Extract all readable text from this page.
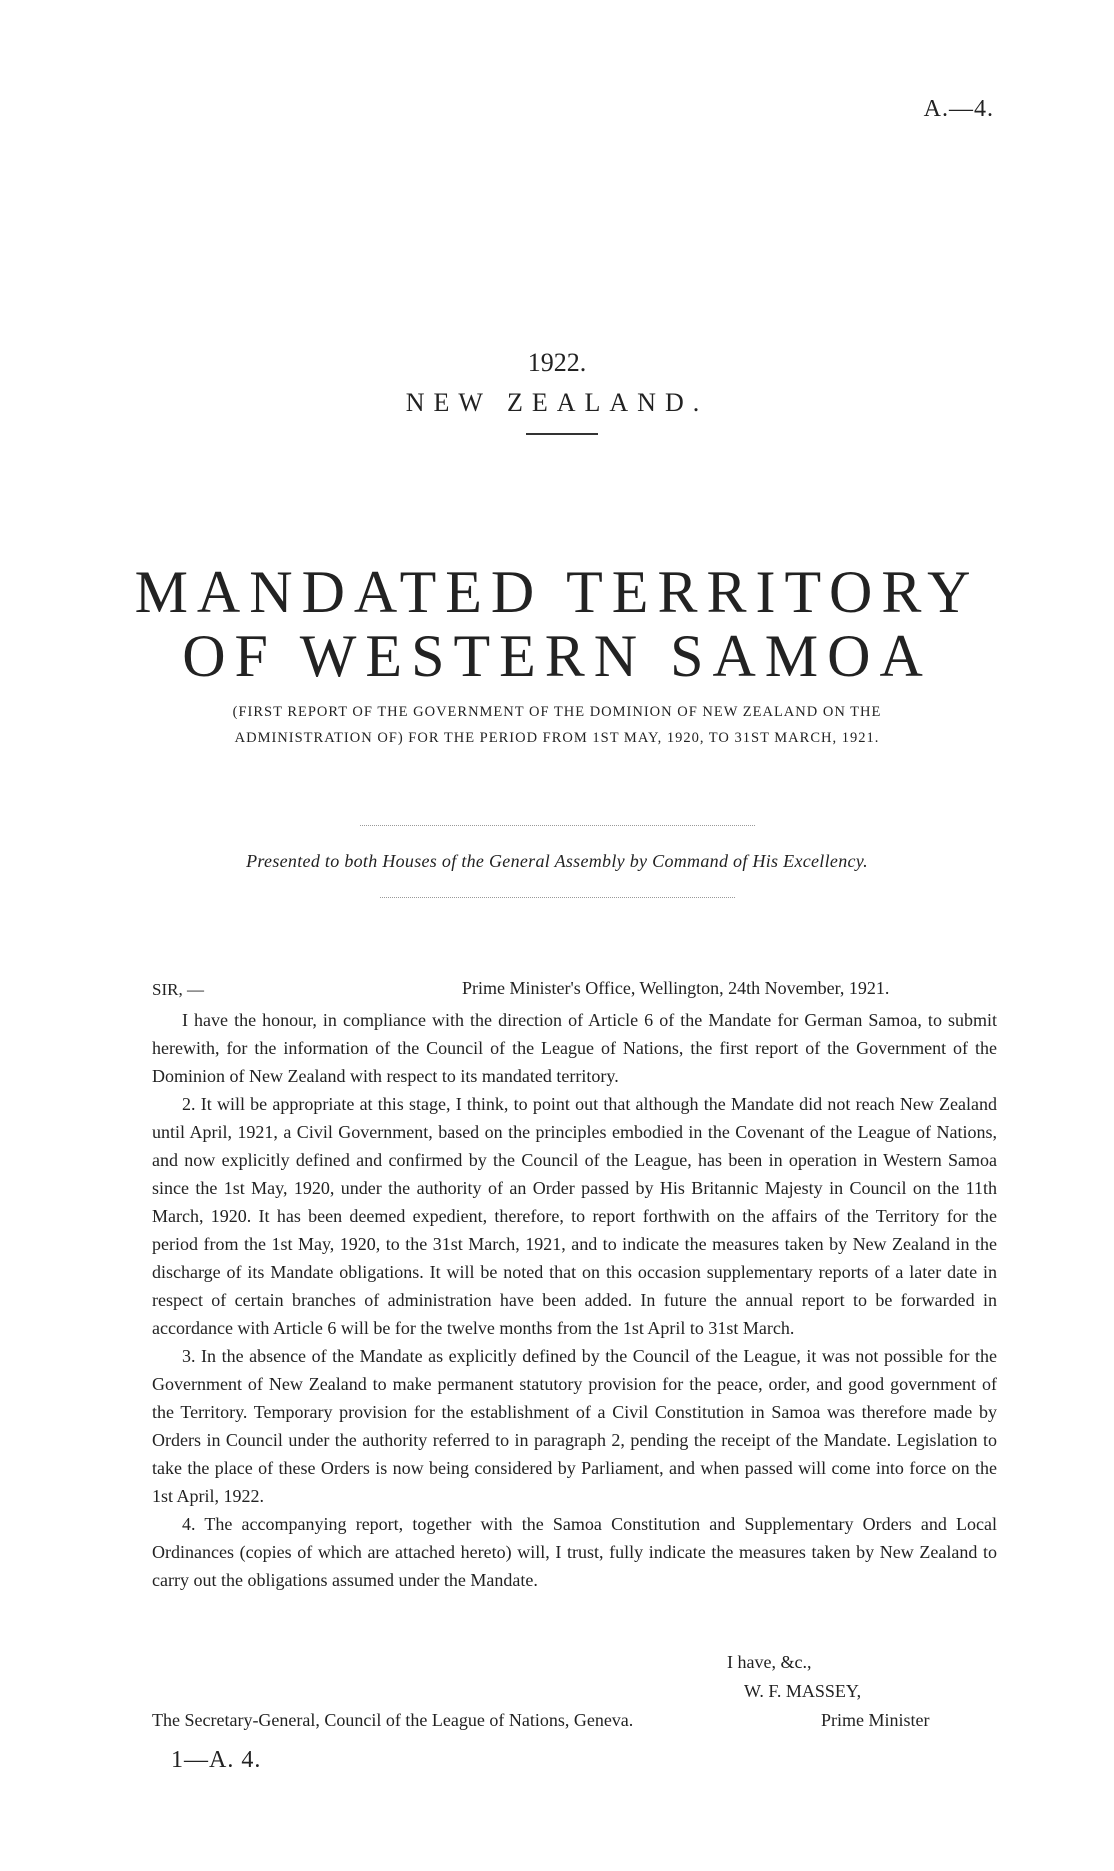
A.—4.
1922.
NEW ZEALAND.
MANDATED TERRITORY
OF WESTERN SAMOA
(FIRST REPORT OF THE GOVERNMENT OF THE DOMINION OF NEW ZEALAND ON THE
ADMINISTRATION OF) FOR THE PERIOD FROM 1ST MAY, 1920, TO 31ST MARCH, 1921.
Presented to both Houses of the General Assembly by Command of His Excellency.
SIR, —	Prime Minister's Office, Wellington, 24th November, 1921.

I have the honour, in compliance with the direction of Article 6 of the Mandate for German Samoa, to submit herewith, for the information of the Council of the League of Nations, the first report of the Government of the Dominion of New Zealand with respect to its mandated territory.

2. It will be appropriate at this stage, I think, to point out that although the Mandate did not reach New Zealand until April, 1921, a Civil Government, based on the principles embodied in the Covenant of the League of Nations, and now explicitly defined and confirmed by the Council of the League, has been in operation in Western Samoa since the 1st May, 1920, under the authority of an Order passed by His Britannic Majesty in Council on the 11th March, 1920. It has been deemed expedient, therefore, to report forthwith on the affairs of the Territory for the period from the 1st May, 1920, to the 31st March, 1921, and to indicate the measures taken by New Zealand in the discharge of its Mandate obligations. It will be noted that on this occasion supplementary reports of a later date in respect of certain branches of administration have been added. In future the annual report to be forwarded in accordance with Article 6 will be for the twelve months from the 1st April to 31st March.

3. In the absence of the Mandate as explicitly defined by the Council of the League, it was not possible for the Government of New Zealand to make permanent statutory provision for the peace, order, and good government of the Territory. Temporary provision for the establishment of a Civil Constitution in Samoa was therefore made by Orders in Council under the authority referred to in paragraph 2, pending the receipt of the Mandate. Legislation to take the place of these Orders is now being considered by Parliament, and when passed will come into force on the 1st April, 1922.

4. The accompanying report, together with the Samoa Constitution and Supplementary Orders and Local Ordinances (copies of which are attached hereto) will, I trust, fully indicate the measures taken by New Zealand to carry out the obligations assumed under the Mandate.

I have, &c.,
W. F. MASSEY,
The Secretary-General, Council of the League of Nations, Geneva.	Prime Minister
1—A. 4.
